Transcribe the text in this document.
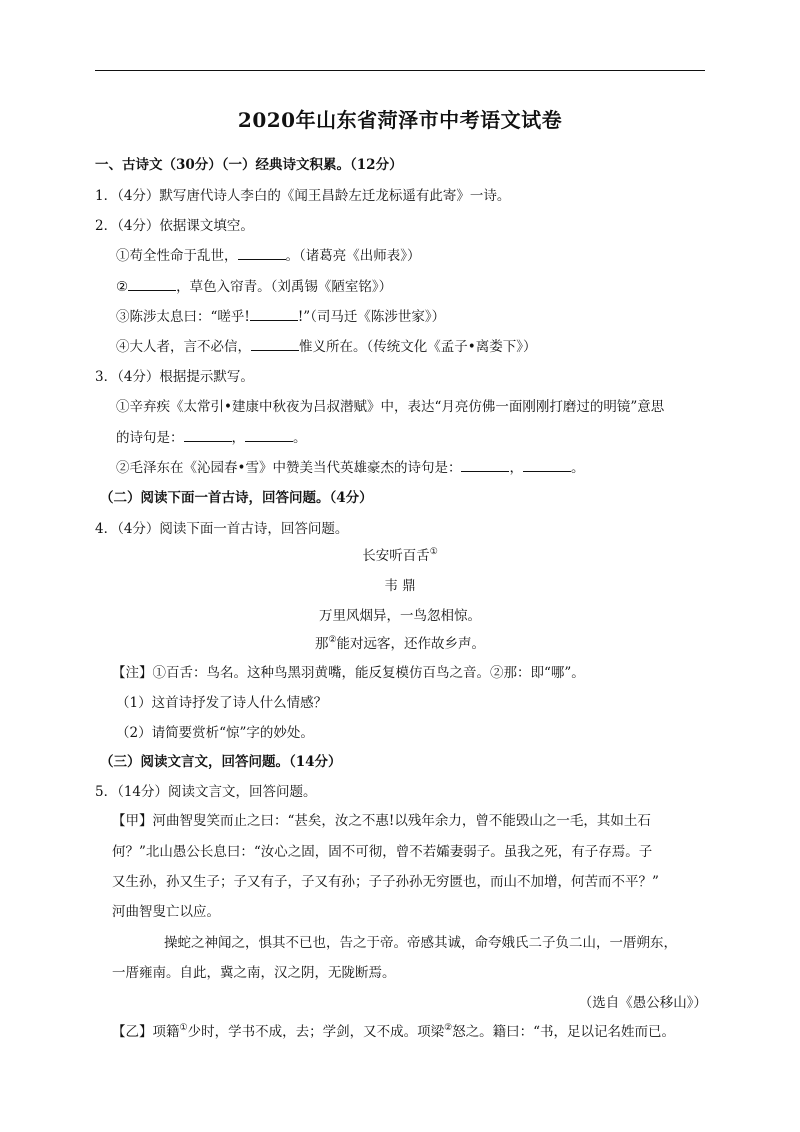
2020年山东省菏泽市中考语文试卷
一、古诗文（30分）（一）经典诗文积累。（12分）
1．（4分）默写唐代诗人李白的《闻王昌龄左迁龙标遥有此寄》一诗。
2．（4分）依据课文填空。
①苟全性命于乱世，	。（诸葛亮《出师表》）
②	，草色入帘青。（刘禹锡《陋室铭》）
③陈涉太息曰：“嗟乎!	!”（司马迁《陈涉世家》）
④大人者，言不必信，	惟义所在。（传统文化《孟子•离娄下》）
3．（4分）根据提示默写。
①辛弃疾《太常引•建康中秋夜为吕叔潜赋》中，表达“月亮仿佛一面刚刚打磨过的明镜”意思
的诗句是：	，	。
②毛泽东在《沁园春•雪》中赞美当代英雄豪杰的诗句是：	，	。
（二）阅读下面一首古诗，回答问题。（4分）
4．（4分）阅读下面一首古诗，回答问题。
长安听百舌①
韦 鼎
万里风烟异，一鸟忽相惊。
那②能对远客，还作故乡声。
【注】①百舌：鸟名。这种鸟黑羽黄嘴，能反复模仿百鸟之音。②那：即“哪”。
（1）这首诗抒发了诗人什么情感？
（2）请简要赏析“惊”字的妙处。
（三）阅读文言文，回答问题。（14分）
5．（14分）阅读文言文，回答问题。
【甲】河曲智叟笑而止之曰：“甚矣，汝之不惠!以残年余力，曾不能毁山之一毛，其如土石
何？”北山愚公长息曰：“汝心之固，固不可彻，曾不若孀妻弱子。虽我之死，有子存焉。子
又生孙，孙又生子；子又有子，子又有孙；子子孙孙无穷匮也，而山不加增，何苦而不平？”
河曲智叟亡以应。
操蛇之神闻之，惧其不已也，告之于帝。帝感其诚，命夸娥氏二子负二山，一厝朔东，
一厝雍南。自此，冀之南，汉之阴，无陇断焉。
（选自《愚公移山》）
【乙】项籍①少时，学书不成，去；学剑，又不成。项梁②怒之。籍曰：“书，足以记名姓而已。
